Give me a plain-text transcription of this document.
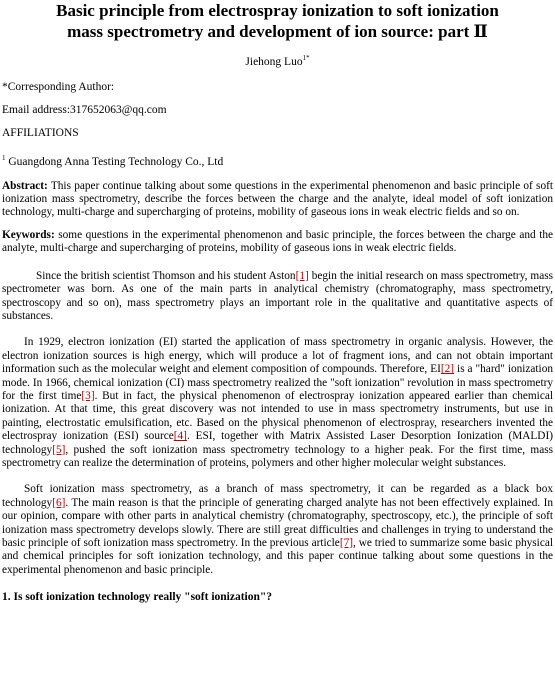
Basic principle from electrospray ionization to soft ionization
mass spectrometry and development of ion source: part Ⅱ
Jiehong Luo$^{1*}$

*Corresponding Author:

Email address:317652063@qq.com

AFFILIATIONS

$^1$ Guangdong Anna Testing Technology Co., Ltd

Abstract: This paper continue talking about some questions in the experimental phenomenon and basic principle of soft ionization mass spectrometry, describe the forces between the charge and the analyte, ideal model of soft ionization technology, multi-charge and supercharging of proteins, mobility of gaseous ions in weak electric fields and so on.

Keywords: some questions in the experimental phenomenon and basic principle, the forces between the charge and the analyte, multi-charge and supercharging of proteins, mobility of gaseous ions in weak electric fields.

Since the british scientist Thomson and his student Aston[1] begin the initial research on mass spectrometry, mass spectrometer was born. As one of the main parts in analytical chemistry (chromatography, mass spectrometry, spectroscopy and so on), mass spectrometry plays an important role in the qualitative and quantitative aspects of substances.

In 1929, electron ionization (EI) started the application of mass spectrometry in organic analysis. However, the electron ionization sources is high energy, which will produce a lot of fragment ions, and can not obtain important information such as the molecular weight and element composition of compounds. Therefore, EI[2] is a "hard" ionization mode. In 1966, chemical ionization (CI) mass spectrometry realized the "soft ionization" revolution in mass spectrometry for the first time[3]. But in fact, the physical phenomenon of electrospray ionization appeared earlier than chemical ionization. At that time, this great discovery was not intended to use in mass spectrometry instruments, but use in painting, electrostatic emulsification, etc. Based on the physical phenomenon of electrospray, researchers invented the electrospray ionization (ESI) source[4]. ESI, together with Matrix Assisted Laser Desorption Ionization (MALDI) technology[5], pushed the soft ionization mass spectrometry technology to a higher peak. For the first time, mass spectrometry can realize the determination of proteins, polymers and other higher molecular weight substances.

Soft ionization mass spectrometry, as a branch of mass spectrometry, it can be regarded as a black box technology[6]. The main reason is that the principle of generating charged analyte has not been effectively explained. In our opinion, compare with other parts in analytical chemistry (chromatography, spectroscopy, etc.), the principle of soft ionization mass spectrometry develops slowly. There are still great difficulties and challenges in trying to understand the basic principle of soft ionization mass spectrometry. In the previous article[7], we tried to summarize some basic physical and chemical principles for soft ionization technology, and this paper continue talking about some questions in the experimental phenomenon and basic principle.

1. Is soft ionization technology really "soft ionization"?
